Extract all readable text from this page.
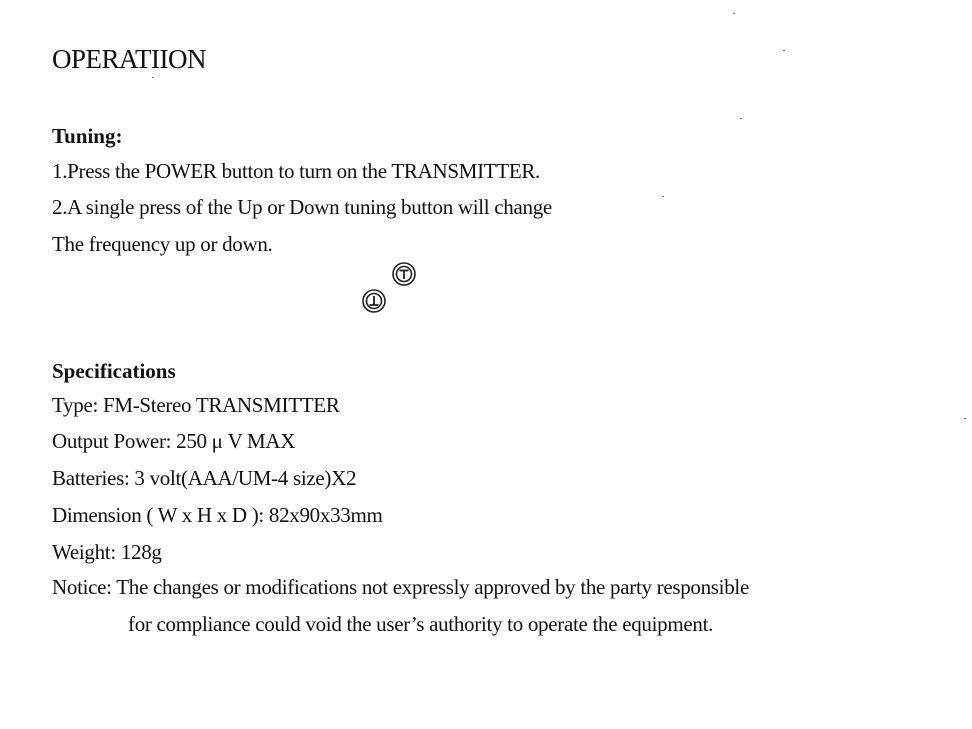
OPERATIION
Tuning:
1.Press the POWER button to turn on the TRANSMITTER.
2.A single press of the Up or Down tuning button will change
The frequency up or down.
Specifications
Type: FM-Stereo TRANSMITTER
Output Power: 250 μ V MAX
Batteries: 3 volt(AAA/UM-4 size)X2
Dimension ( W x H x D ): 82x90x33mm
Weight: 128g
Notice: The changes or modifications not expressly approved by the party responsible
for compliance could void the user’s authority to operate the equipment.
